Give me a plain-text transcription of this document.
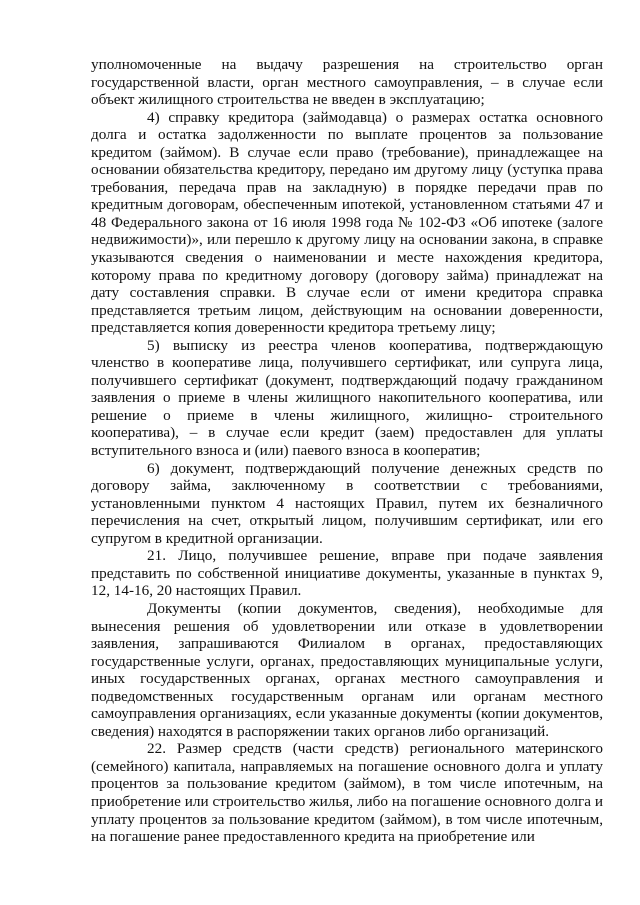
уполномоченные на выдачу разрешения на строительство орган государственной власти, орган местного самоуправления, – в случае если объект жилищного строительства не введен в эксплуатацию;

4) справку кредитора (займодавца) о размерах остатка основного долга и остатка задолженности по выплате процентов за пользование кредитом (займом). В случае если право (требование), принадлежащее на основании обязательства кредитору, передано им другому лицу (уступка права требования, передача прав на закладную) в порядке передачи прав по кредитным договорам, обеспеченным ипотекой, установленном статьями 47 и 48 Федерального закона от 16 июля 1998 года № 102-ФЗ «Об ипотеке (залоге недвижимости)», или перешло к другому лицу на основании закона, в справке указываются сведения о наименовании и месте нахождения кредитора, которому права по кредитному договору (договору займа) принадлежат на дату составления справки. В случае если от имени кредитора справка представляется третьим лицом, действующим на основании доверенности, представляется копия доверенности кредитора третьему лицу;

5) выписку из реестра членов кооператива, подтверждающую членство в кооперативе лица, получившего сертификат, или супруга лица, получившего сертификат (документ, подтверждающий подачу гражданином заявления о приеме в члены жилищного накопительного кооператива, или решение о приеме в члены жилищного, жилищно- строительного кооператива), – в случае если кредит (заем) предоставлен для уплаты вступительного взноса и (или) паевого взноса в кооператив;

6) документ, подтверждающий получение денежных средств по договору займа, заключенному в соответствии с требованиями, установленными пунктом 4 настоящих Правил, путем их безналичного перечисления на счет, открытый лицом, получившим сертификат, или его супругом в кредитной организации.

21. Лицо, получившее решение, вправе при подаче заявления представить по собственной инициативе документы, указанные в пунктах 9, 12, 14-16, 20 настоящих Правил.

Документы (копии документов, сведения), необходимые для вынесения решения об удовлетворении или отказе в удовлетворении заявления, запрашиваются Филиалом в органах, предоставляющих государственные услуги, органах, предоставляющих муниципальные услуги, иных государственных органах, органах местного самоуправления и подведомственных государственным органам или органам местного самоуправления организациях, если указанные документы (копии документов, сведения) находятся в распоряжении таких органов либо организаций.

22. Размер средств (части средств) регионального материнского (семейного) капитала, направляемых на погашение основного долга и уплату процентов за пользование кредитом (займом), в том числе ипотечным, на приобретение или строительство жилья, либо на погашение основного долга и уплату процентов за пользование кредитом (займом), в том числе ипотечным, на погашение ранее предоставленного кредита на приобретение или
